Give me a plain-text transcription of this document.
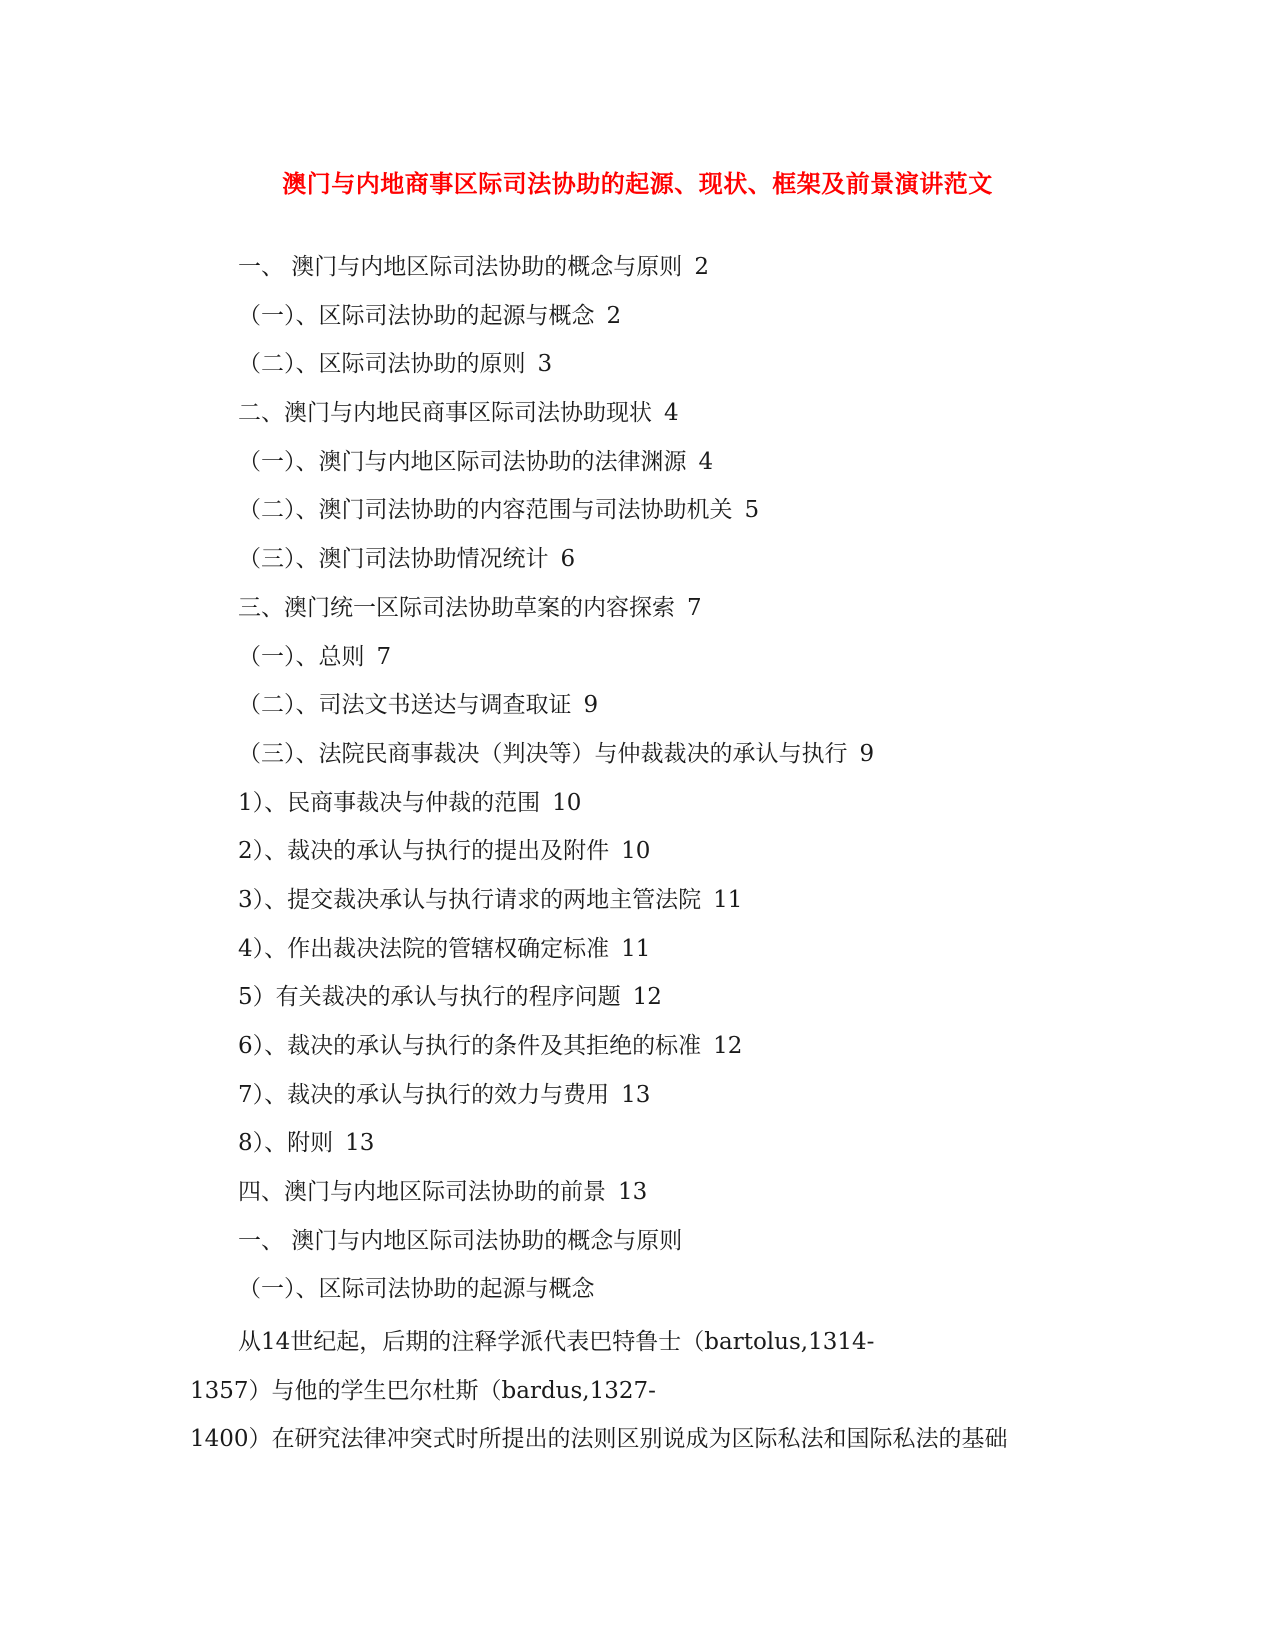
澳门与内地商事区际司法协助的起源、现状、框架及前景演讲范文
一、 澳门与内地区际司法协助的概念与原则 2
（一）、区际司法协助的起源与概念 2
（二）、区际司法协助的原则 3
二、澳门与内地民商事区际司法协助现状 4
（一）、澳门与内地区际司法协助的法律渊源 4
（二）、澳门司法协助的内容范围与司法协助机关 5
（三）、澳门司法协助情况统计 6
三、澳门统一区际司法协助草案的内容探索 7
（一）、总则 7
（二）、司法文书送达与调查取证 9
（三）、法院民商事裁决（判决等）与仲裁裁决的承认与执行 9
1）、民商事裁决与仲裁的范围 10
2）、裁决的承认与执行的提出及附件 10
3）、提交裁决承认与执行请求的两地主管法院 11
4）、作出裁决法院的管辖权确定标准 11
5）有关裁决的承认与执行的程序问题 12
6）、裁决的承认与执行的条件及其拒绝的标准 12
7）、裁决的承认与执行的效力与费用 13
8）、附则 13
四、澳门与内地区际司法协助的前景 13
一、 澳门与内地区际司法协助的概念与原则
（一）、区际司法协助的起源与概念
从14世纪起，后期的注释学派代表巴特鲁士（bartolus,1314-
1357）与他的学生巴尔杜斯（bardus,1327-
1400）在研究法律冲突式时所提出的法则区别说成为区际私法和国际私法的基础
